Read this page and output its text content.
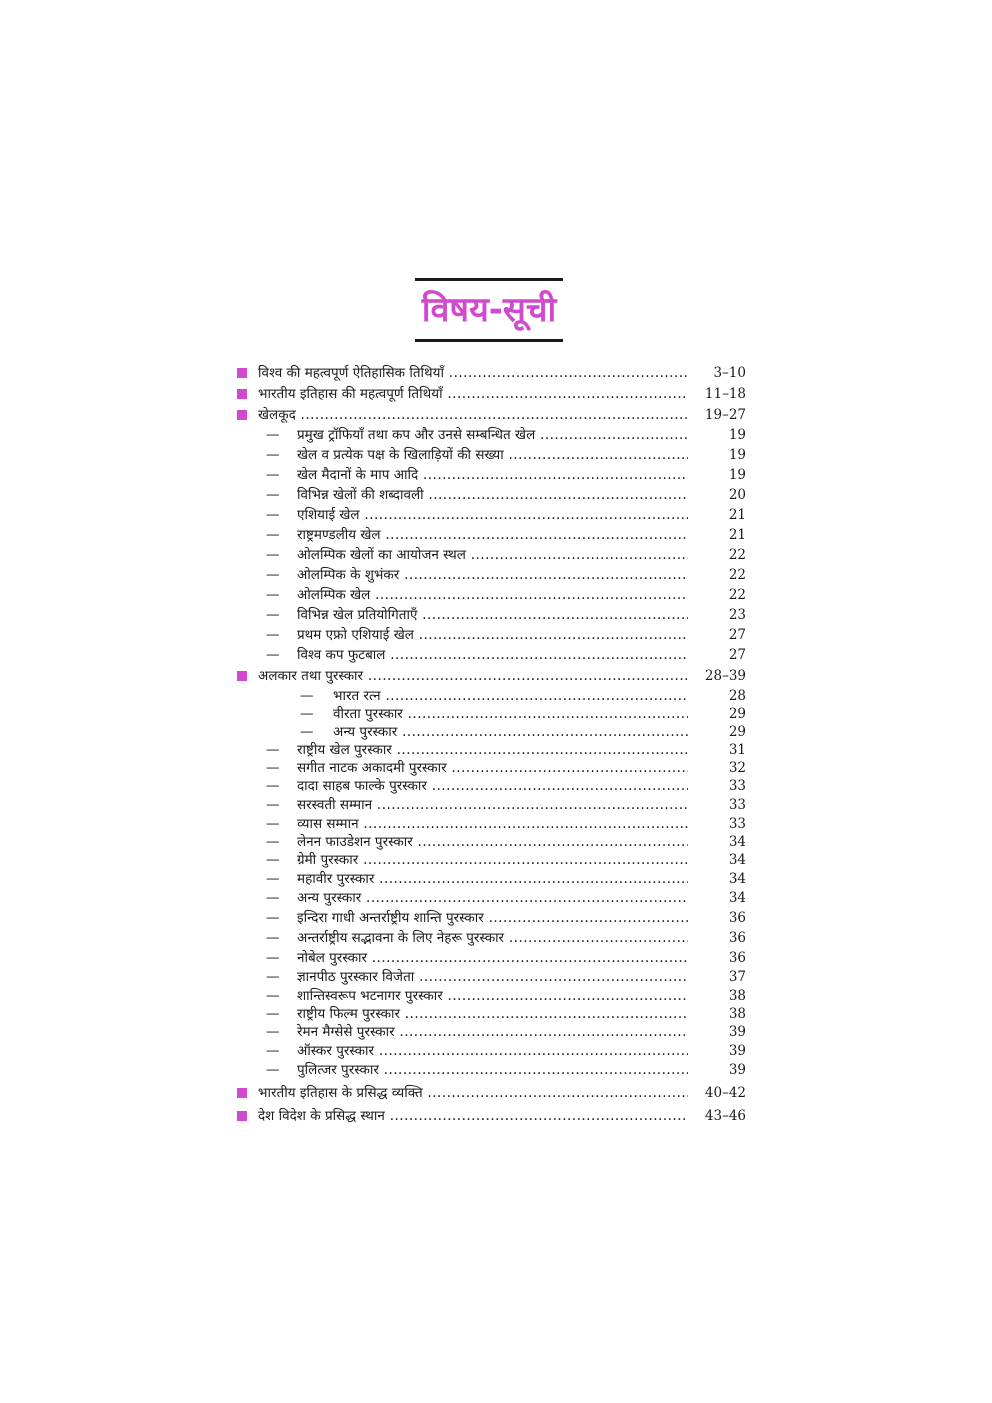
विषय-सूची
विश्व की महत्वपूर्ण ऐतिहासिक तिथियाँ .....	3–10
भारतीय इतिहास की महत्वपूर्ण तिथियाँ .....	11–18
खेलकूद .....	19–27
— प्रमुख ट्रॉफियाँ तथा कप और उनसे सम्बन्धित खेल .....	19
— खेल व प्रत्येक पक्ष के खिलाड़ियों की सख्या .....	19
— खेल मैदानों के माप आदि .....	19
— विभिन्न खेलों की शब्दावली .....	20
— एशियाई खेल .....	21
— राष्ट्रमण्डलीय खेल .....	21
— ओलम्पिक खेलों का आयोजन स्थल .....	22
— ओलम्पिक के शुभंकर .....	22
— ओलम्पिक खेल .....	22
— विभिन्न खेल प्रतियोगिताएँ .....	23
— प्रथम एफ्रो एशियाई खेल .....	27
— विश्व कप फुटबाल .....	27
अलकार तथा पुरस्कार .....	28–39
— भारत रत्न .....	28
— वीरता पुरस्कार .....	29
— अन्य पुरस्कार .....	29
— राष्ट्रीय खेल पुरस्कार .....	31
— सगीत नाटक अकादमी पुरस्कार .....	32
— दादा साहब फाल्के पुरस्कार .....	33
— सरस्वती सम्मान .....	33
— व्यास सम्मान .....	33
— लेनन फाउडेशन पुरस्कार .....	34
— ग्रेमी पुरस्कार .....	34
— महावीर पुरस्कार .....	34
— अन्य पुरस्कार .....	34
— इन्दिरा गाधी अन्तर्राष्ट्रीय शान्ति पुरस्कार .....	36
— अन्तर्राष्ट्रीय सद्भावना के लिए नेहरू पुरस्कार .....	36
— नोबेल पुरस्कार .....	36
— ज्ञानपीठ पुरस्कार विजेता .....	37
— शान्तिस्वरूप भटनागर पुरस्कार .....	38
— राष्ट्रीय फिल्म पुरस्कार .....	38
— रेमन मैग्सेसे पुरस्कार .....	39
— ऑस्कर पुरस्कार .....	39
— पुलित्जर पुरस्कार .....	39
भारतीय इतिहास के प्रसिद्ध व्यक्ति .....	40–42
देश विदेश के प्रसिद्ध स्थान .....	43–46
